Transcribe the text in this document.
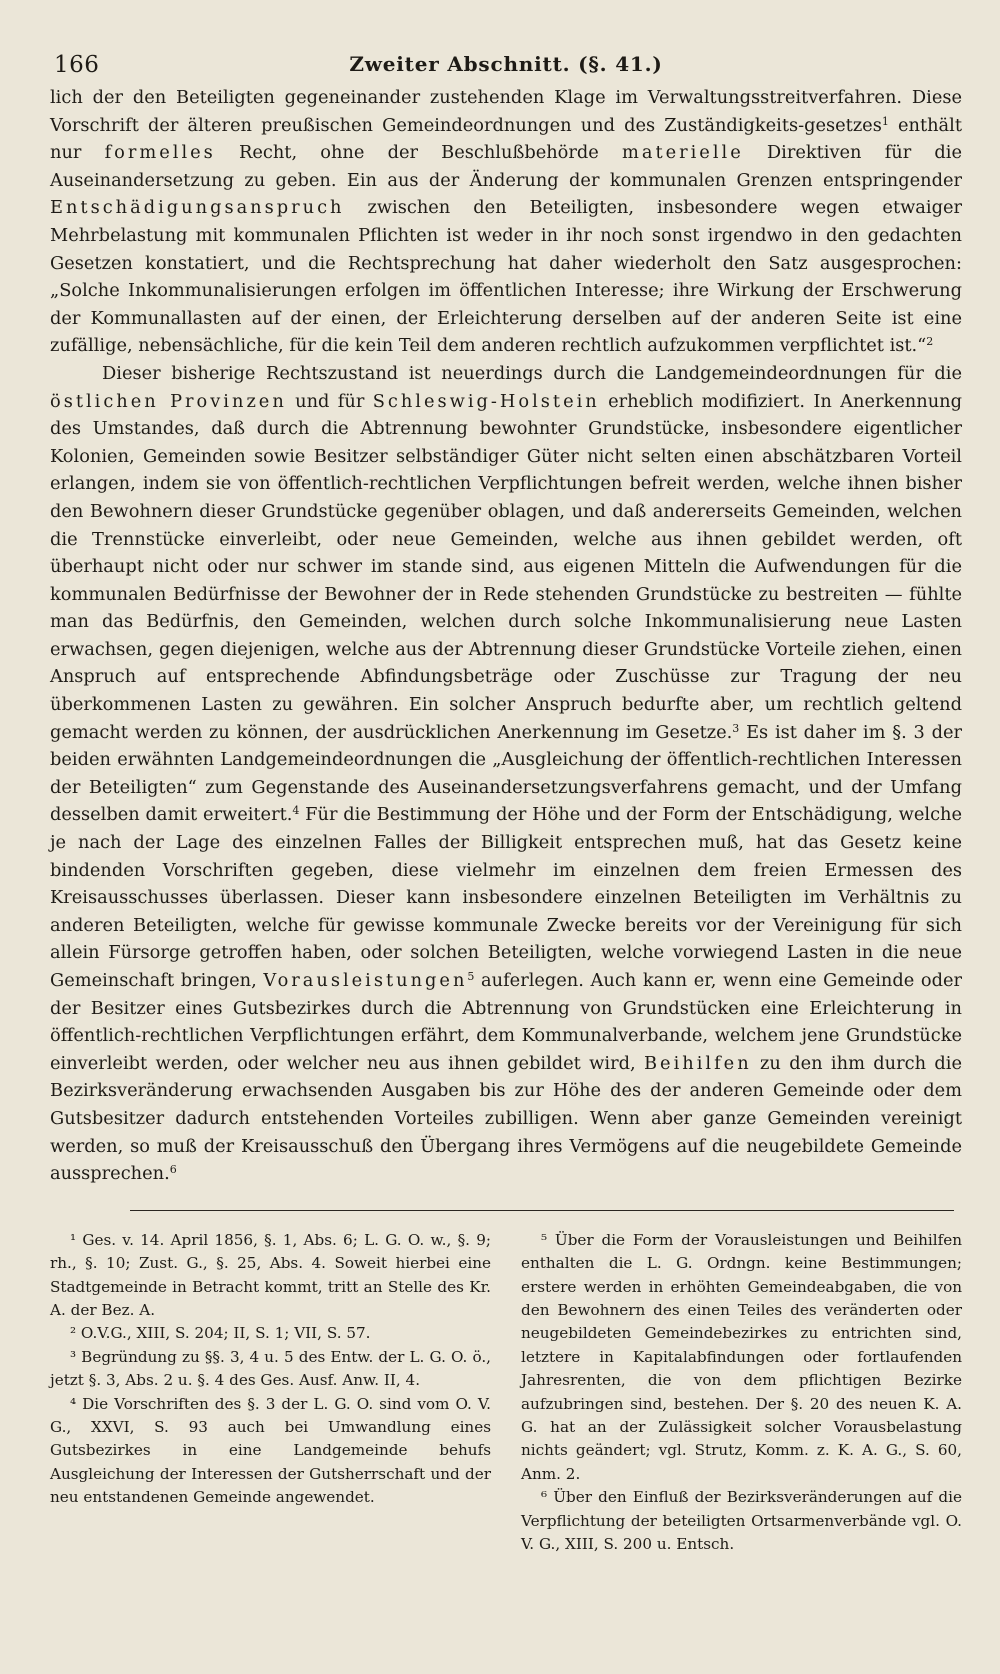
166	Zweiter Abschnitt. (§. 41.)

lich der den Beteiligten gegeneinander zustehenden Klage im Verwaltungsstreitverfahren. Diese Vorschrift der älteren preußischen Gemeindeordnungen und des Zuständigkeits-gesetzes$^1$ enthält nur formelles Recht, ohne der Beschlußbehörde materielle Direktiven für die Auseinandersetzung zu geben. Ein aus der Änderung der kommunalen Grenzen entspringender Entschädigungsanspruch zwischen den Beteiligten, insbesondere wegen etwaiger Mehrbelastung mit kommunalen Pflichten ist weder in ihr noch sonst irgendwo in den gedachten Gesetzen konstatiert, und die Rechtsprechung hat daher wiederholt den Satz ausgesprochen: „Solche Inkommunalisierungen erfolgen im öffentlichen Interesse; ihre Wirkung der Erschwerung der Kommunallasten auf der einen, der Erleichterung derselben auf der anderen Seite ist eine zufällige, nebensächliche, für die kein Teil dem anderen rechtlich aufzukommen verpflichtet ist.“$^2$

Dieser bisherige Rechtszustand ist neuerdings durch die Landgemeindeordnungen für die östlichen Provinzen und für Schleswig-Holstein erheblich modifiziert. In Anerkennung des Umstandes, daß durch die Abtrennung bewohnter Grundstücke, insbesondere eigentlicher Kolonien, Gemeinden sowie Besitzer selbständiger Güter nicht selten einen abschätzbaren Vorteil erlangen, indem sie von öffentlich-rechtlichen Verpflichtungen befreit werden, welche ihnen bisher den Bewohnern dieser Grundstücke gegenüber oblagen, und daß andererseits Gemeinden, welchen die Trennstücke einverleibt, oder neue Gemeinden, welche aus ihnen gebildet werden, oft überhaupt nicht oder nur schwer im stande sind, aus eigenen Mitteln die Aufwendungen für die kommunalen Bedürfnisse der Bewohner der in Rede stehenden Grundstücke zu bestreiten — fühlte man das Bedürfnis, den Gemeinden, welchen durch solche Inkommunalisierung neue Lasten erwachsen, gegen diejenigen, welche aus der Abtrennung dieser Grundstücke Vorteile ziehen, einen Anspruch auf entsprechende Abfindungsbeträge oder Zuschüsse zur Tragung der neu überkommenen Lasten zu gewähren. Ein solcher Anspruch bedurfte aber, um rechtlich geltend gemacht werden zu können, der ausdrücklichen Anerkennung im Gesetze.$^3$ Es ist daher im §. 3 der beiden erwähnten Landgemeindeordnungen die „Ausgleichung der öffentlich-rechtlichen Interessen der Beteiligten“ zum Gegenstande des Auseinandersetzungsverfahrens gemacht, und der Umfang desselben damit erweitert.$^4$ Für die Bestimmung der Höhe und der Form der Entschädigung, welche je nach der Lage des einzelnen Falles der Billigkeit entsprechen muß, hat das Gesetz keine bindenden Vorschriften gegeben, diese vielmehr im einzelnen dem freien Ermessen des Kreisausschusses überlassen. Dieser kann insbesondere einzelnen Beteiligten im Verhältnis zu anderen Beteiligten, welche für gewisse kommunale Zwecke bereits vor der Vereinigung für sich allein Fürsorge getroffen haben, oder solchen Beteiligten, welche vorwiegend Lasten in die neue Gemeinschaft bringen, Vorausleistungen$^5$ auferlegen. Auch kann er, wenn eine Gemeinde oder der Besitzer eines Gutsbezirkes durch die Abtrennung von Grundstücken eine Erleichterung in öffentlich-rechtlichen Verpflichtungen erfährt, dem Kommunalverbande, welchem jene Grundstücke einverleibt werden, oder welcher neu aus ihnen gebildet wird, Beihilfen zu den ihm durch die Bezirksveränderung erwachsenden Ausgaben bis zur Höhe des der anderen Gemeinde oder dem Gutsbesitzer dadurch entstehenden Vorteiles zubilligen. Wenn aber ganze Gemeinden vereinigt werden, so muß der Kreisausschuß den Übergang ihres Vermögens auf die neugebildete Gemeinde aussprechen.$^6$

¹ Ges. v. 14. April 1856, §. 1, Abs. 6; L. G. O. w., §. 9; rh., §. 10; Zust. G., §. 25, Abs. 4. Soweit hierbei eine Stadtgemeinde in Betracht kommt, tritt an Stelle des Kr. A. der Bez. A.

² O.V.G., XIII, S. 204; II, S. 1; VII, S. 57.

³ Begründung zu §§. 3, 4 u. 5 des Entw. der L. G. O. ö., jetzt §. 3, Abs. 2 u. §. 4 des Ges. Ausf. Anw. II, 4.

⁴ Die Vorschriften des §. 3 der L. G. O. sind vom O. V. G., XXVI, S. 93 auch bei Umwandlung eines Gutsbezirkes in eine Landgemeinde behufs Ausgleichung der Interessen der Gutsherrschaft und der neu entstandenen Gemeinde angewendet.

⁵ Über die Form der Vorausleistungen und Beihilfen enthalten die L. G. Ordngn. keine Bestimmungen; erstere werden in erhöhten Gemeindeabgaben, die von den Bewohnern des einen Teiles des veränderten oder neugebildeten Gemeindebezirkes zu entrichten sind, letztere in Kapitalabfindungen oder fortlaufenden Jahresrenten, die von dem pflichtigen Bezirke aufzubringen sind, bestehen. Der §. 20 des neuen K. A. G. hat an der Zulässigkeit solcher Vorausbelastung nichts geändert; vgl. Strutz, Komm. z. K. A. G., S. 60, Anm. 2.

⁶ Über den Einfluß der Bezirksveränderungen auf die Verpflichtung der beteiligten Ortsarmenverbände vgl. O. V. G., XIII, S. 200 u. Entsch.
